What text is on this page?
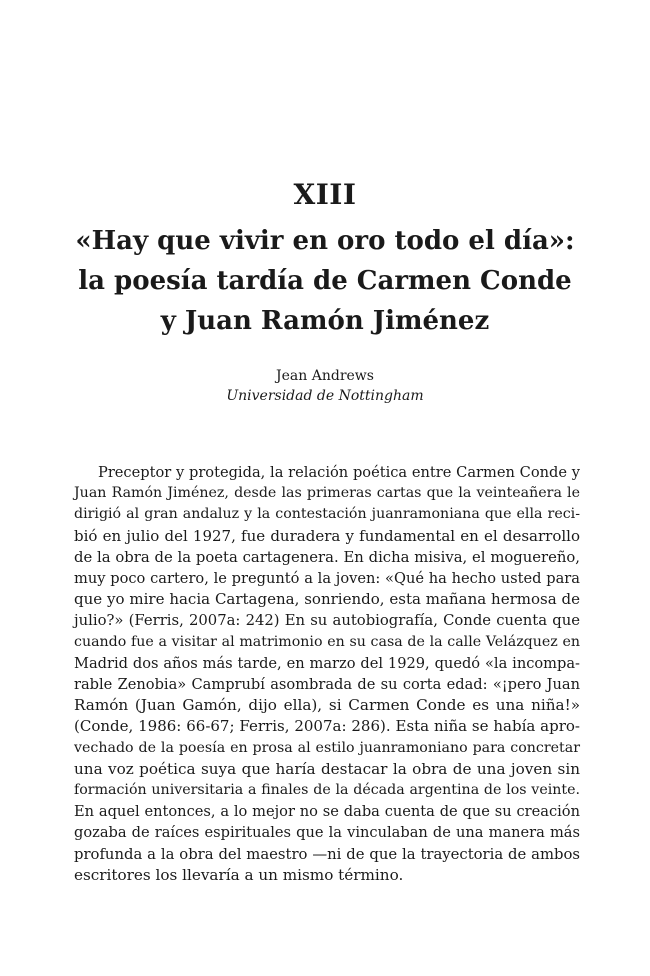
XIII
«Hay que vivir en oro todo el día»:
la poesía tardía de Carmen Conde
y Juan Ramón Jiménez
Jean Andrews
Universidad de Nottingham
Preceptor y protegida, la relación poética entre Carmen Conde y
Juan Ramón Jiménez, desde las primeras cartas que la veinteañera le
dirigió al gran andaluz y la contestación juanramoniana que ella reci-
bió en julio del 1927, fue duradera y fundamental en el desarrollo
de la obra de la poeta cartagenera. En dicha misiva, el moguereño,
muy poco cartero, le preguntó a la joven: «Qué ha hecho usted para
que yo mire hacia Cartagena, sonriendo, esta mañana hermosa de
julio?» (Ferris, 2007a: 242) En su autobiografía, Conde cuenta que
cuando fue a visitar al matrimonio en su casa de la calle Velázquez en
Madrid dos años más tarde, en marzo del 1929, quedó «la incompa-
rable Zenobia» Camprubí asombrada de su corta edad: «¡pero Juan
Ramón (Juan Gamón, dijo ella), si Carmen Conde es una niña!»
(Conde, 1986: 66-67; Ferris, 2007a: 286). Esta niña se había apro-
vechado de la poesía en prosa al estilo juanramoniano para concretar
una voz poética suya que haría destacar la obra de una joven sin
formación universitaria a finales de la década argentina de los veinte.
En aquel entonces, a lo mejor no se daba cuenta de que su creación
gozaba de raíces espirituales que la vinculaban de una manera más
profunda a la obra del maestro —ni de que la trayectoria de ambos
escritores los llevaría a un mismo término.
